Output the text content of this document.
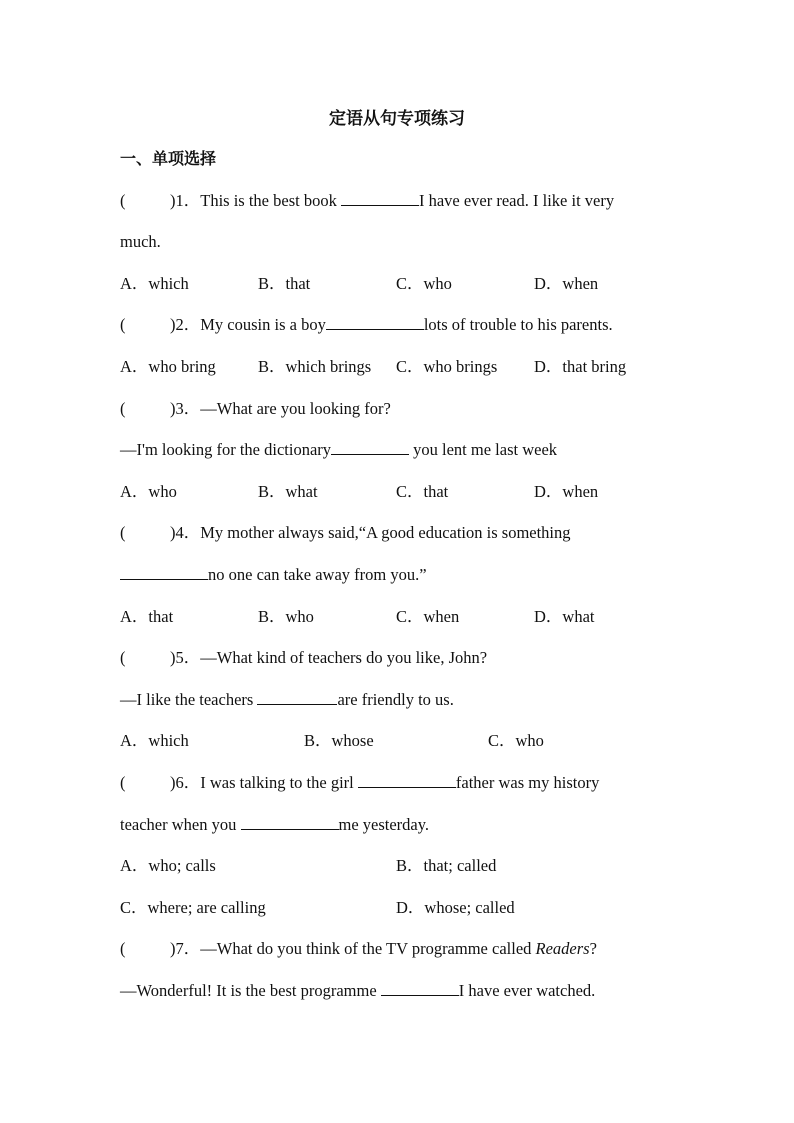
定语从句专项练习
一、单项选择
(	)1．This is the best book	I have ever read. I like it very
much.
A．which	B．that	C．who	D．when
(	)2．My cousin is a boy	lots of trouble to his parents.
A．who bring	B．which brings C．who brings D．that bring
(	)3．—What are you looking for?
—I'm looking for the dictionary	you lent me last week
A．who	B．what	C．that	D．when
(	)4．My mother always said,“A good education is something
no one can take away from you.”
A．that	B．who	C．when	D．what
(	)5．—What kind of teachers do you like, John?
—I like the teachers	are friendly to us.
A．which	B．whose	C．who
(	)6．I was talking to the girl	father was my history
teacher when you	me yesterday.
A．who; calls	B．that; called
C．where; are calling	D．whose; called
(	)7．—What do you think of the TV programme called Readers?
—Wonderful! It is the best programme	I have ever watched.
